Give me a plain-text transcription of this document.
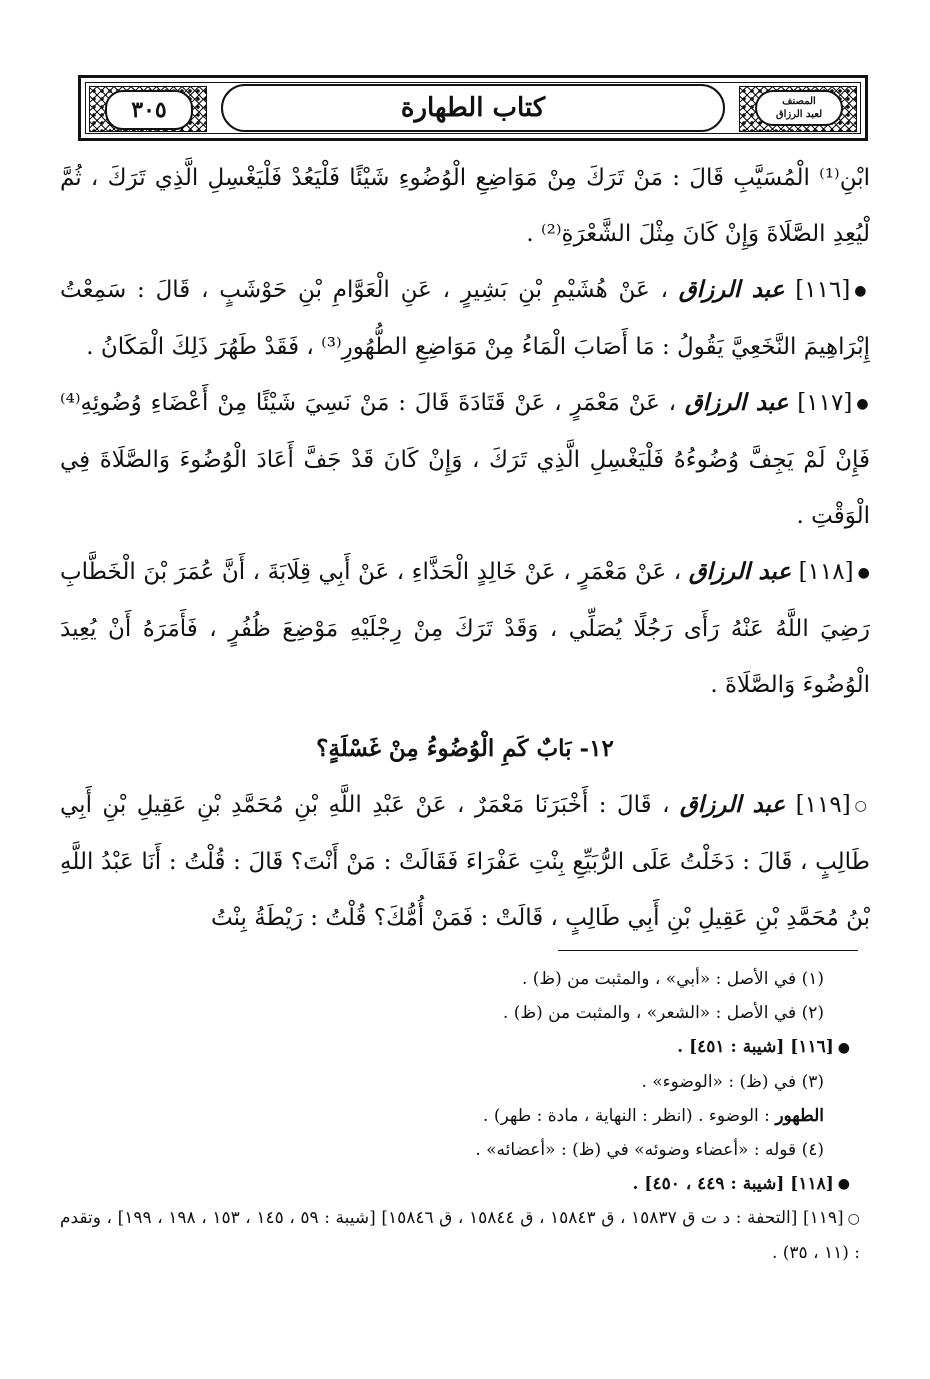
٣٠٥	كتاب الطهارة	المصنف
لعبد الرزاق

ابْنِ⁽¹⁾ الْمُسَيَّبِ قَالَ : مَنْ تَرَكَ مِنْ مَوَاضِعِ الْوُضُوءِ شَيْئًا فَلْيَعُدْ فَلْيَغْسِلِ الَّذِي تَرَكَ ، ثُمَّ لْيُعِدِ الصَّلَاةَ وَإِنْ كَانَ مِثْلَ الشَّعْرَةِ⁽²⁾ .

●[١١٦] عبد الرزاق ، عَنْ هُشَيْمِ بْنِ بَشِيرٍ ، عَنِ الْعَوَّامِ بْنِ حَوْشَبٍ ، قَالَ : سَمِعْتُ إِبْرَاهِيمَ النَّخَعِيَّ يَقُولُ : مَا أَصَابَ الْمَاءُ مِنْ مَوَاضِعِ الطُّهُورِ⁽³⁾ ، فَقَدْ طَهُرَ ذَلِكَ الْمَكَانُ .

●[١١٧] عبد الرزاق ، عَنْ مَعْمَرٍ ، عَنْ قَتَادَةَ قَالَ : مَنْ نَسِيَ شَيْئًا مِنْ أَعْضَاءِ وُضُوئِهِ⁽⁴⁾ فَإِنْ لَمْ يَجِفَّ وُضُوءُهُ فَلْيَغْسِلِ الَّذِي تَرَكَ ، وَإِنْ كَانَ قَدْ جَفَّ أَعَادَ الْوُضُوءَ وَالصَّلَاةَ فِي الْوَقْتِ .

●[١١٨] عبد الرزاق ، عَنْ مَعْمَرٍ ، عَنْ خَالِدٍ الْحَذَّاءِ ، عَنْ أَبِي قِلَابَةَ ، أَنَّ عُمَرَ بْنَ الْخَطَّابِ رَضِيَ اللَّهُ عَنْهُ رَأَى رَجُلًا يُصَلِّي ، وَقَدْ تَرَكَ مِنْ رِجْلَيْهِ مَوْضِعَ ظُفُرٍ ، فَأَمَرَهُ أَنْ يُعِيدَ الْوُضُوءَ وَالصَّلَاةَ .

١٢- بَابٌ كَمِ الْوُضُوءُ مِنْ غَسْلَةٍ؟

○[١١٩] عبد الرزاق ، قَالَ : أَخْبَرَنَا مَعْمَرٌ ، عَنْ عَبْدِ اللَّهِ بْنِ مُحَمَّدِ بْنِ عَقِيلِ بْنِ أَبِي طَالِبٍ ، قَالَ : دَخَلْتُ عَلَى الرُّبَيِّعِ بِنْتِ عَفْرَاءَ فَقَالَتْ : مَنْ أَنْتَ؟ قَالَ : قُلْتُ : أَنَا عَبْدُ اللَّهِ بْنُ مُحَمَّدِ بْنِ عَقِيلِ بْنِ أَبِي طَالِبٍ ، قَالَتْ : فَمَنْ أُمُّكَ؟ قُلْتُ : رَيْطَةُ بِنْتُ

(١) في الأصل : «أبي» ، والمثبت من (ظ) .

(٢) في الأصل : «الشعر» ، والمثبت من (ظ) .

●[١١٦] [شيبة : ٤٥١] .

(٣) في (ظ) : «الوضوء» .

الطهور : الوضوء . (انظر : النهاية ، مادة : طهر) .

(٤) قوله : «أعضاء وضوئه» في (ظ) : «أعضائه» .

●[١١٨] [شيبة : ٤٤٩ ، ٤٥٠] .

○[١١٩] [التحفة : د ت ق ١٥٨٣٧ ، ق ١٥٨٤٣ ، ق ١٥٨٤٤ ، ق ١٥٨٤٦] [شيبة : ٥٩ ، ١٤٥ ، ١٥٣ ، ١٩٨ ، ١٩٩] ، وتقدم : (١١ ، ٣٥) .
